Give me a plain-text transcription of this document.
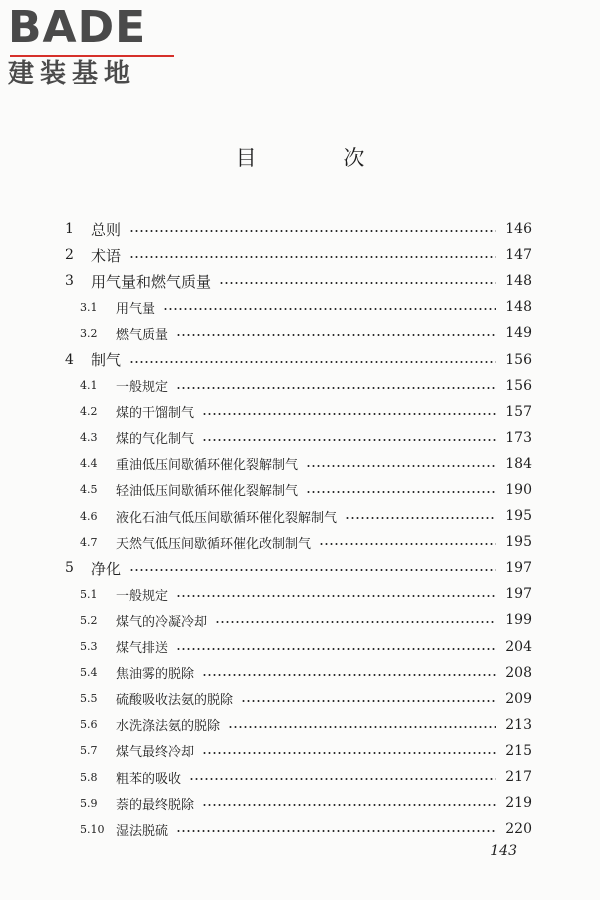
BADE
建装基地
目 次
1	总则	146
2	术语	147
3	用气量和燃气质量	148
3.1	用气量	148
3.2	燃气质量	149
4	制气	156
4.1	一般规定	156
4.2	煤的干馏制气	157
4.3	煤的气化制气	173
4.4	重油低压间歇循环催化裂解制气	184
4.5	轻油低压间歇循环催化裂解制气	190
4.6	液化石油气低压间歇循环催化裂解制气	195
4.7	天然气低压间歇循环催化改制制气	195
5	净化	197
5.1	一般规定	197
5.2	煤气的冷凝冷却	199
5.3	煤气排送	204
5.4	焦油雾的脱除	208
5.5	硫酸吸收法氨的脱除	209
5.6	水洗涤法氨的脱除	213
5.7	煤气最终冷却	215
5.8	粗苯的吸收	217
5.9	萘的最终脱除	219
5.10 湿法脱硫	220
143
